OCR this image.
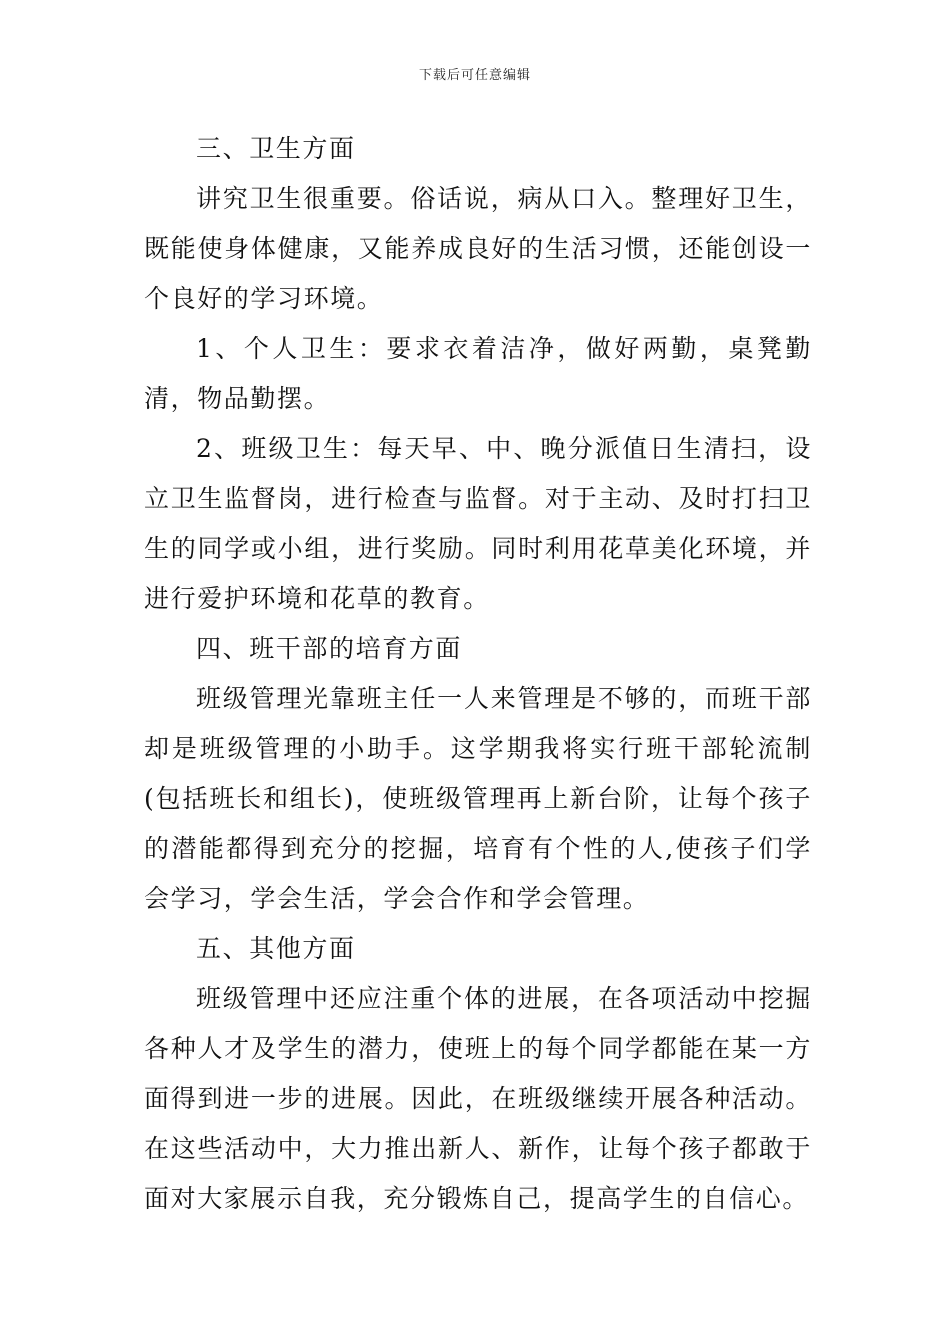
下载后可任意编辑

三、卫生方面

讲究卫生很重要。俗话说，病从口入。整理好卫生，既能使身体健康，又能养成良好的生活习惯，还能创设一个良好的学习环境。

1、个人卫生：要求衣着洁净，做好两勤，桌凳勤清，物品勤摆。

2、班级卫生：每天早、中、晚分派值日生清扫，设立卫生监督岗，进行检查与监督。对于主动、及时打扫卫生的同学或小组，进行奖励。同时利用花草美化环境，并进行爱护环境和花草的教育。

四、班干部的培育方面

班级管理光靠班主任一人来管理是不够的，而班干部却是班级管理的小助手。这学期我将实行班干部轮流制(包括班长和组长)，使班级管理再上新台阶，让每个孩子的潜能都得到充分的挖掘，培育有个性的人,使孩子们学会学习，学会生活，学会合作和学会管理。

五、其他方面

班级管理中还应注重个体的进展，在各项活动中挖掘各种人才及学生的潜力，使班上的每个同学都能在某一方面得到进一步的进展。因此，在班级继续开展各种活动。在这些活动中，大力推出新人、新作，让每个孩子都敢于面对大家展示自我，充分锻炼自己，提高学生的自信心。
